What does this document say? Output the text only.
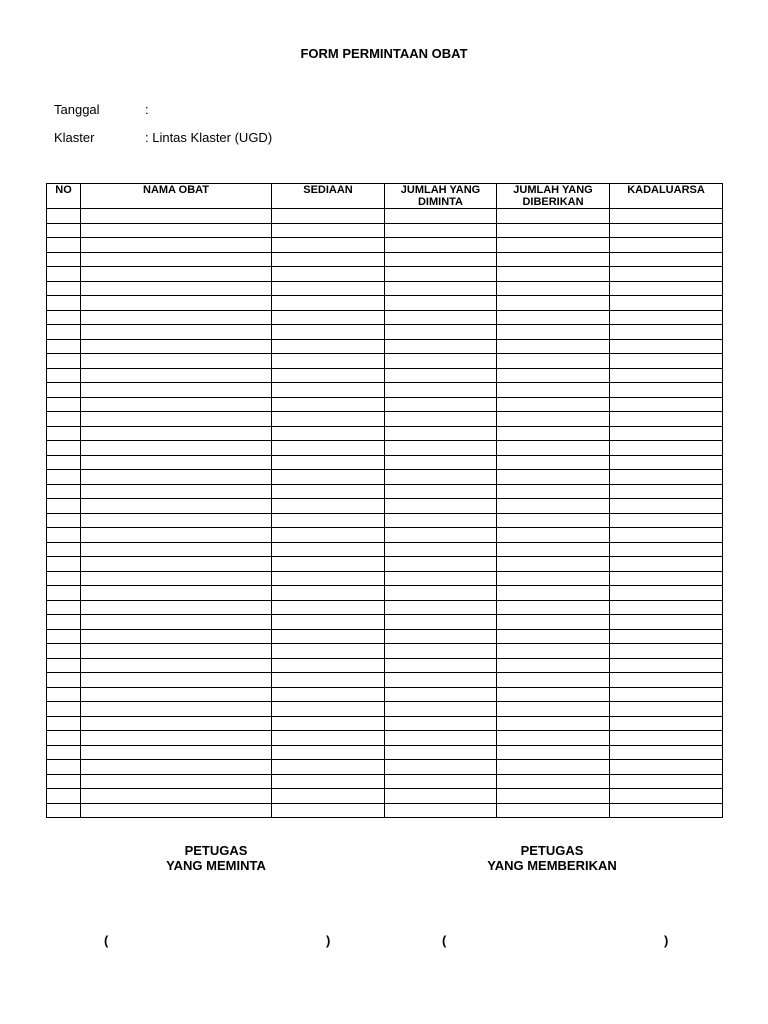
FORM PERMINTAAN OBAT
Tanggal	:
Klaster	: Lintas Klaster (UGD)
NO	NAMA OBAT	SEDIAAN	JUMLAH YANG DIMINTA	JUMLAH YANG DIBERIKAN	KADALUARSA

PETUGAS
YANG MEMINTA
PETUGAS
YANG MEMBERIKAN
(	)	(	)
